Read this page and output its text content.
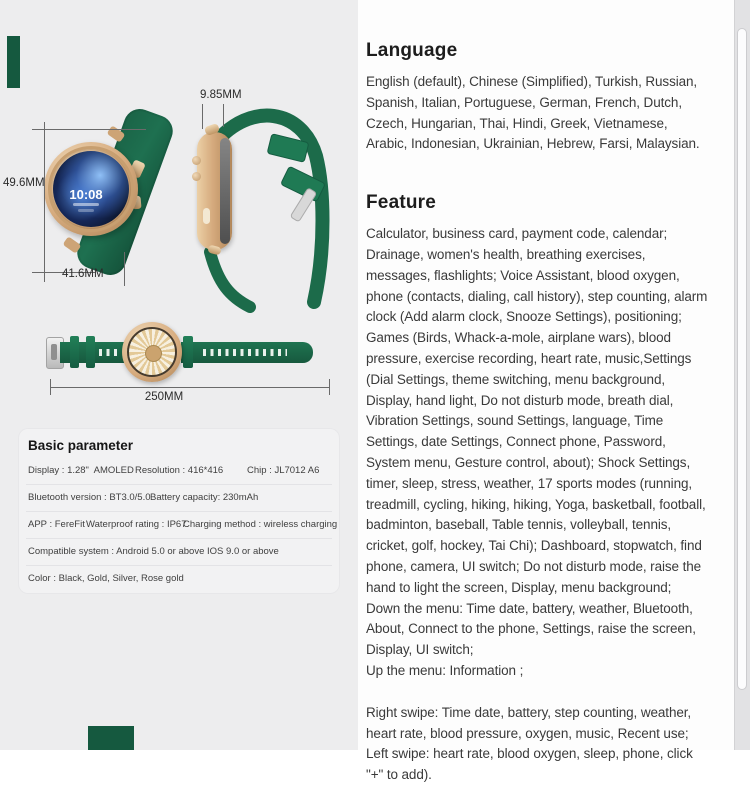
10:08
49.6MM
41.6MM
9.85MM
250MM
Basic parameter
Display : 1.28"  AMOLED Resolution : 416*416	Chip : JL7012 A6
Bluetooth version : BT3.0/5.0 Battery capacity: 230mAh
APP : FereFit Waterproof rating : IP67
Charging method : wireless charging
Compatible system : Android 5.0 or above IOS 9.0 or above
Color : Black, Gold, Silver, Rose gold
Language

English (default), Chinese (Simplified), Turkish, Russian, Spanish, Italian, Portuguese, German, French, Dutch, Czech, Hungarian, Thai, Hindi, Greek, Vietnamese, Arabic, Indonesian, Ukrainian, Hebrew, Farsi, Malaysian.

Feature

Calculator, business card, payment code, calendar; Drainage, women's health, breathing exercises, messages, flashlights; Voice Assistant, blood oxygen, phone (contacts, dialing, call history), step counting, alarm clock (Add alarm clock, Snooze Settings), positioning; Games (Birds, Whack-a-mole, airplane wars), blood pressure, exercise recording, heart rate, music,Settings (Dial Settings, theme switching, menu background, Display, hand light, Do not disturb mode, breath dial, Vibration Settings, sound Settings, language, Time Settings, date Settings, Connect phone, Password, System menu, Gesture control, about); Shock Settings, timer, sleep, stress, weather, 17 sports modes (running, treadmill, cycling, hiking, hiking, Yoga, basketball, football, badminton, baseball, Table tennis, volleyball, tennis, cricket, golf, hockey, Tai Chi); Dashboard, stopwatch, find phone, camera, UI switch; Do not disturb mode, raise the hand to light the screen, Display, menu background;

Down the menu: Time date, battery, weather, Bluetooth, About, Connect to the phone, Settings, raise the screen, Display, UI switch;

Up the menu: Information ;

Right swipe: Time date, battery, step counting, weather, heart rate, blood pressure, oxygen, music, Recent use;

Left swipe: heart rate, blood oxygen, sleep, phone, click "+" to add).
